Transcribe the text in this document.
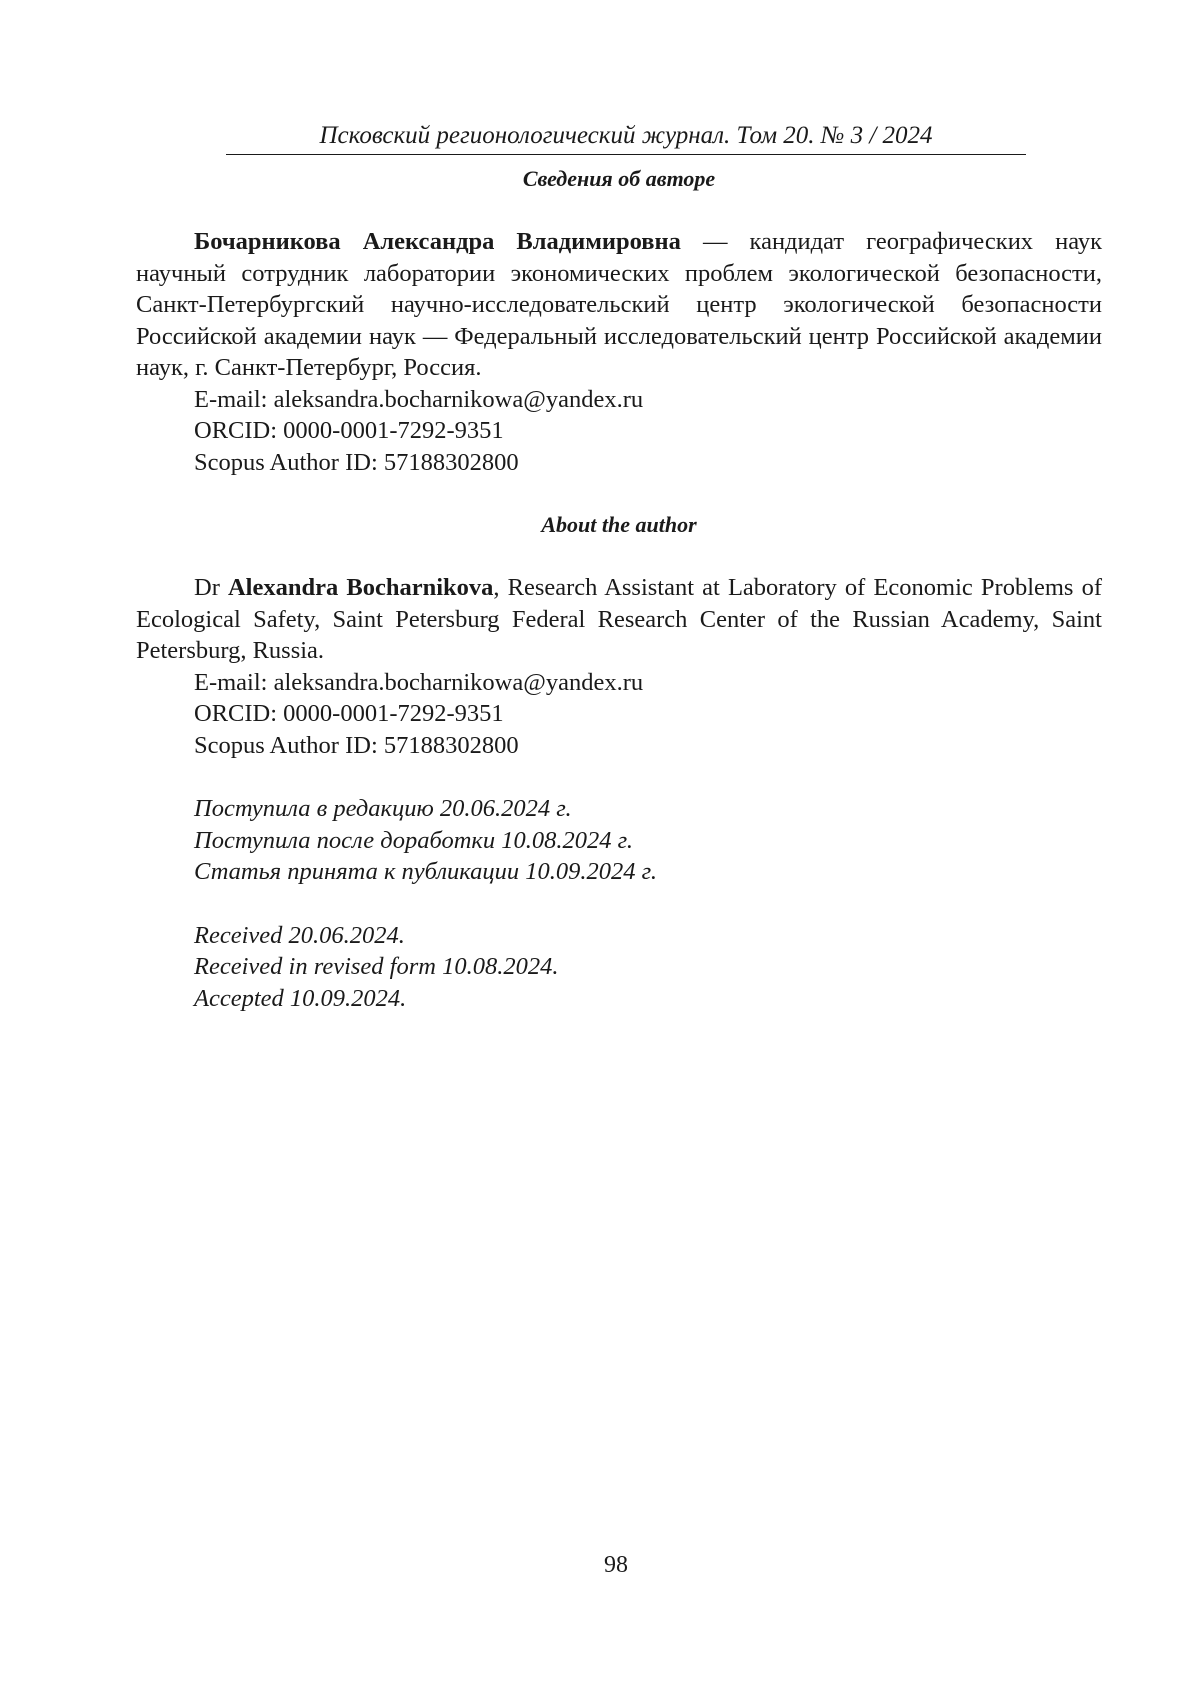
Псковский регионологический журнал. Том 20. № 3 / 2024

Сведения об авторе

Бочарникова Александра Владимировна — кандидат географических наук научный сотрудник лаборатории экономических проблем экологической безопасности, Санкт-Петербургский научно-исследовательский центр экологической безопасности Российской академии наук — Федеральный исследовательский центр Российской академии наук, г. Санкт-Петербург, Россия.

E-mail: aleksandra.bocharnikowa@yandex.ru

ORCID: 0000-0001-7292-9351

Scopus Author ID: 57188302800

About the author

Dr Alexandra Bocharnikova, Research Assistant at Laboratory of Economic Problems of Ecological Safety, Saint Petersburg Federal Research Center of the Russian Academy, Saint Petersburg, Russia.

E-mail: aleksandra.bocharnikowa@yandex.ru

ORCID: 0000-0001-7292-9351

Scopus Author ID: 57188302800

Поступила в редакцию 20.06.2024 г.

Поступила после доработки 10.08.2024 г.

Статья принята к публикации 10.09.2024 г.

Received 20.06.2024.

Received in revised form 10.08.2024.

Accepted 10.09.2024.

98
